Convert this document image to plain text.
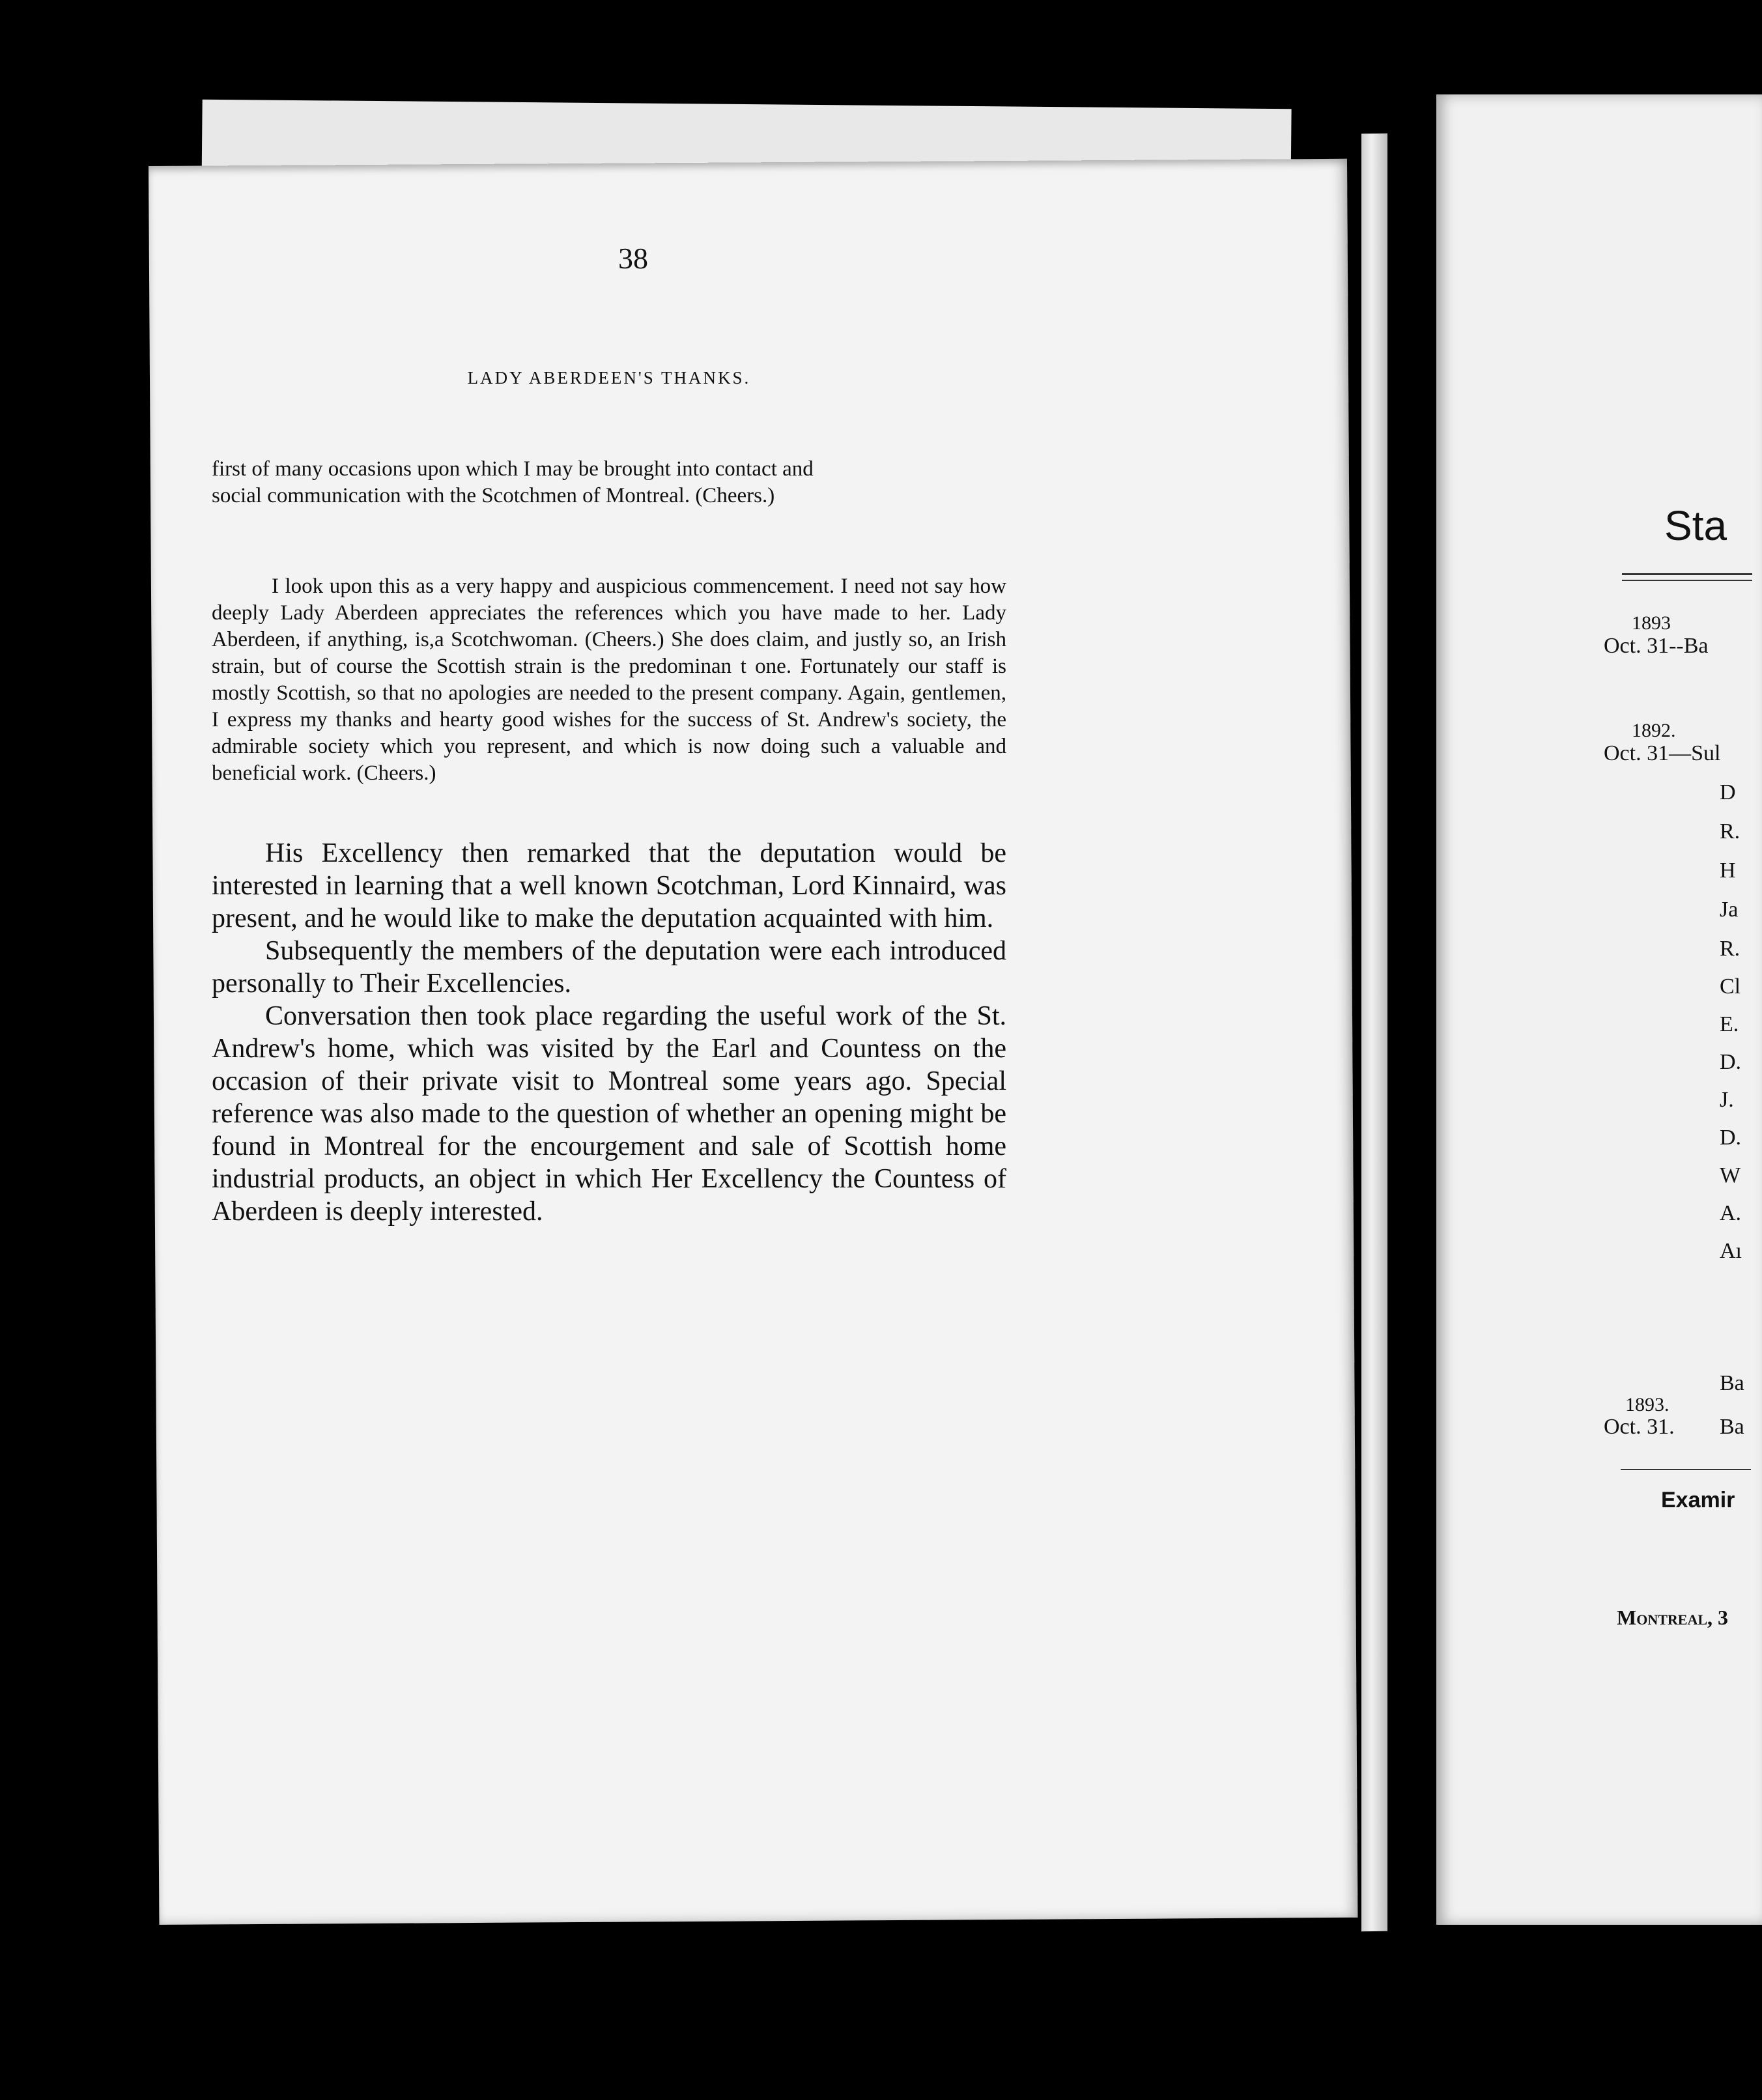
38

first of many occasions upon which I may be brought into contact and

social communication with the Scotchmen of Montreal. (Cheers.)

LADY ABERDEEN'S THANKS.

I look upon this as a very happy and auspicious commencement. I need not say how deeply Lady Aberdeen appreciates the references which you have made to her. Lady Aberdeen, if anything, is,a Scotchwoman. (Cheers.) She does claim, and justly so, an Irish strain, but of course the Scottish strain is the predominan t one. Fortunately our staff is mostly Scottish, so that no apologies are needed to the present company. Again, gentlemen, I express my thanks and hearty good wishes for the success of St. Andrew's society, the admirable society which you represent, and which is now doing such a valuable and beneficial work. (Cheers.)

His Excellency then remarked that the deputation would be interested in learning that a well known Scotchman, Lord Kinnaird, was present, and he would like to make the deputation acquainted with him.

Subsequently the members of the deputation were each introduced personally to Their Excellencies.

Conversation then took place regarding the useful work of the St. Andrew's home, which was visited by the Earl and Countess on the occasion of their private visit to Montreal some years ago. Special reference was also made to the question of whether an opening might be found in Montreal for the encourgement and sale of Scottish home industrial products, an object in which Her Excellency the Countess of Aberdeen is deeply interested.

Sta
1893
Oct. 31--Ba
1892.
Oct. 31—Sul
D
R.
H
Ja
R.
Cl
E.
D.
J.
D.
W
A.
Aı
Ba
1893.
Oct. 31. Ba
Examir
Montreal, 3
